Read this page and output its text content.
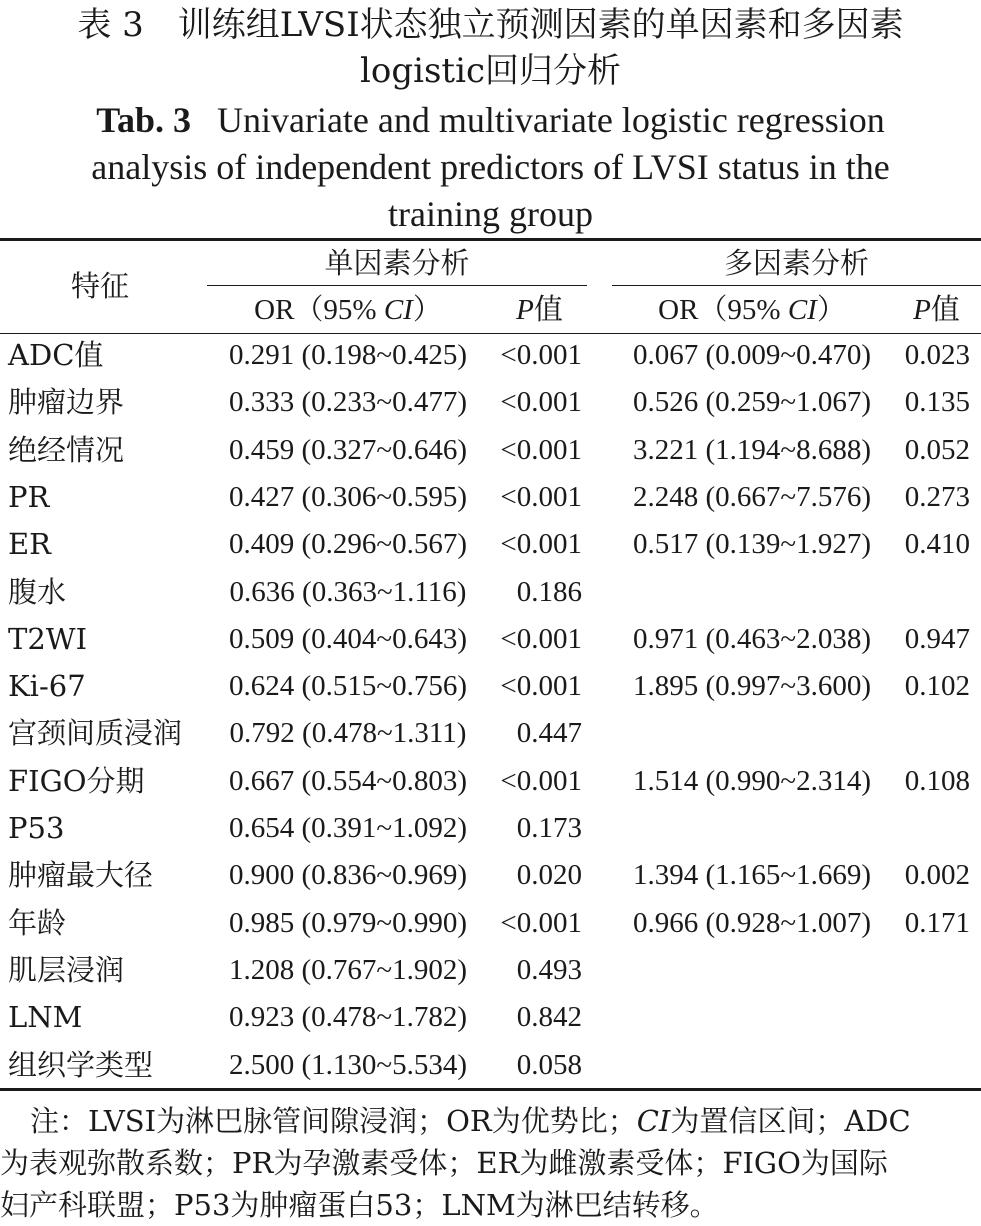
表 3　训练组LVSI状态独立预测因素的单因素和多因素
logistic回归分析
Tab. 3 Univariate and multivariate logistic regression
analysis of independent predictors of LVSI status in the
training group
特征
单因素分析	多因素分析
OR（95% CI）	P值	OR（95% CI）	P值
ADC值	0.291 (0.198~0.425)	<0.001	0.067 (0.009~0.470)	0.023
肿瘤边界	0.333 (0.233~0.477)	<0.001	0.526 (0.259~1.067)	0.135
绝经情况	0.459 (0.327~0.646)	<0.001	3.221 (1.194~8.688)	0.052
PR	0.427 (0.306~0.595)	<0.001	2.248 (0.667~7.576)	0.273
ER	0.409 (0.296~0.567)	<0.001	0.517 (0.139~1.927)	0.410
腹水	0.636 (0.363~1.116)	0.186
T2WI	0.509 (0.404~0.643)	<0.001	0.971 (0.463~2.038)	0.947
Ki-67	0.624 (0.515~0.756)	<0.001	1.895 (0.997~3.600)	0.102
宫颈间质浸润	0.792 (0.478~1.311)	0.447
FIGO分期	0.667 (0.554~0.803)	<0.001	1.514 (0.990~2.314)	0.108
P53	0.654 (0.391~1.092)	0.173
肿瘤最大径	0.900 (0.836~0.969)	0.020	1.394 (1.165~1.669)	0.002
年龄	0.985 (0.979~0.990)	<0.001	0.966 (0.928~1.007)	0.171
肌层浸润	1.208 (0.767~1.902)	0.493
LNM	0.923 (0.478~1.782)	0.842
组织学类型	2.500 (1.130~5.534)	0.058
注：LVSI为淋巴脉管间隙浸润；OR为优势比；CI为置信区间；ADC
为表观弥散系数；PR为孕激素受体；ER为雌激素受体；FIGO为国际
妇产科联盟；P53为肿瘤蛋白53；LNM为淋巴结转移。
